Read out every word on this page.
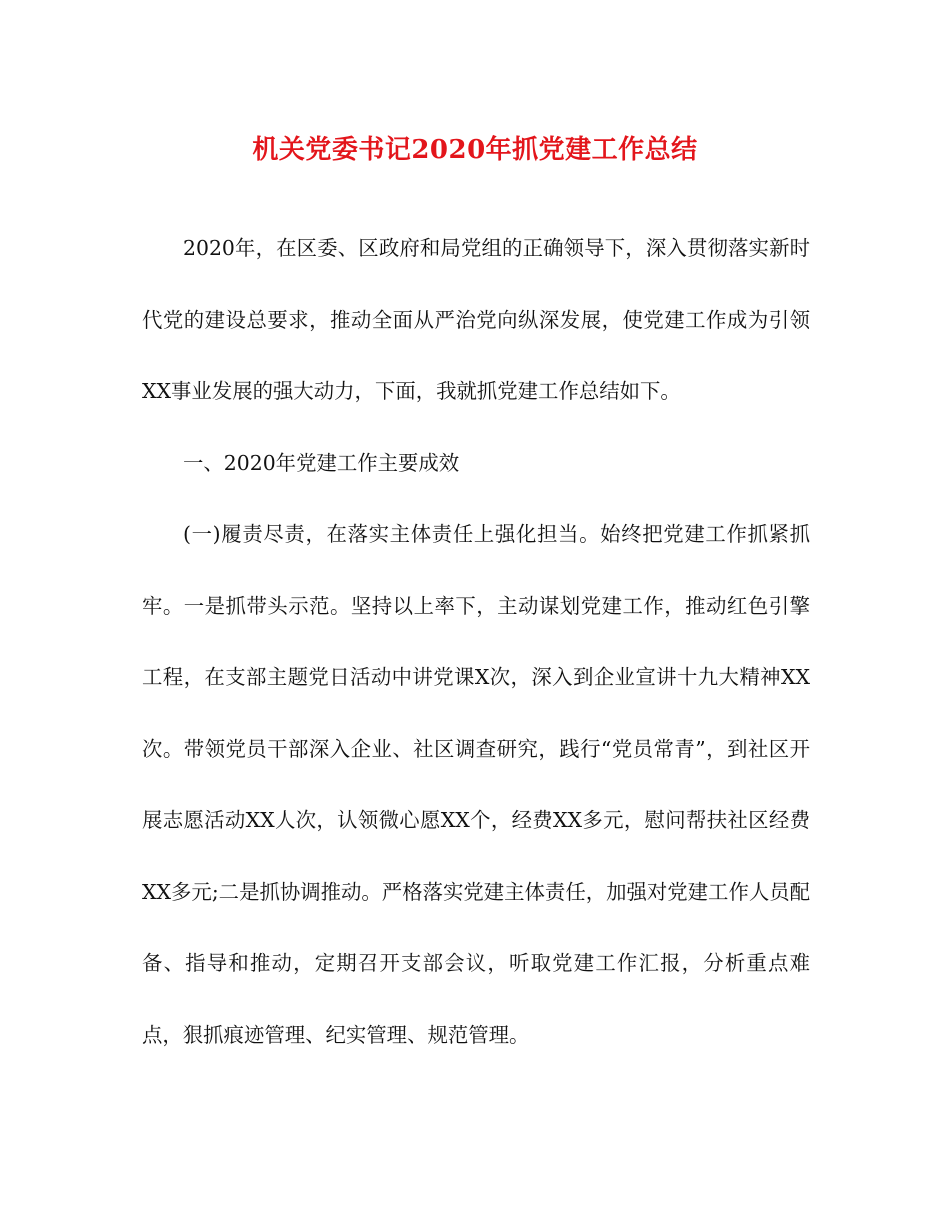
机关党委书记2020年抓党建工作总结

2020年，在区委、区政府和局党组的正确领导下，深入贯彻落实新时代党的建设总要求，推动全面从严治党向纵深发展，使党建工作成为引领XX事业发展的强大动力，下面，我就抓党建工作总结如下。

一、2020年党建工作主要成效

(一)履责尽责，在落实主体责任上强化担当。始终把党建工作抓紧抓牢。一是抓带头示范。坚持以上率下，主动谋划党建工作，推动红色引擎工程，在支部主题党日活动中讲党课X次，深入到企业宣讲十九大精神XX次。带领党员干部深入企业、社区调查研究，践行“党员常青”，到社区开展志愿活动XX人次，认领微心愿XX个，经费XX多元，慰问帮扶社区经费XX多元;二是抓协调推动。严格落实党建主体责任，加强对党建工作人员配备、指导和推动，定期召开支部会议，听取党建工作汇报，分析重点难点，狠抓痕迹管理、纪实管理、规范管理。
